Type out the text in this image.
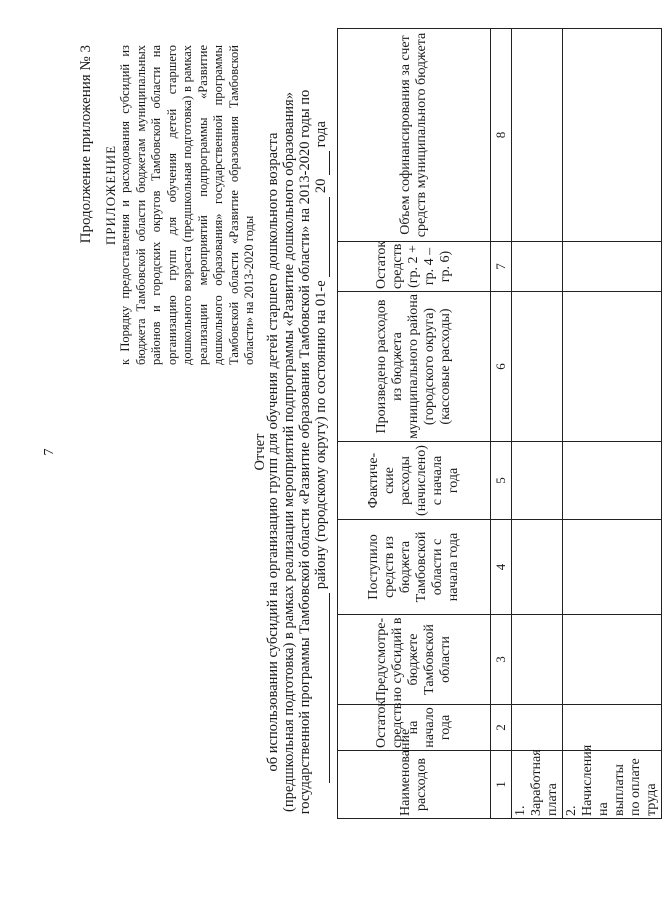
7
Продолжение приложения № 3 ПРИЛОЖЕНИЕ к Порядку предоставления и расходования субсидий из бюджета Тамбовской области бюджетам муниципальных районов и городских округов Тамбовской области на организацию групп для обучения детей старшего дошкольного возраста (предшкольная подготовка) в рамках реализации мероприятий подпрограммы «Развитие дошкольного образования» государственной программы Тамбовской области «Развитие образования Тамбовской области» на 2013-2020 годы
Отчет
об использовании субсидий на организацию групп для обучения детей старшего дошкольного возраста (предшкольная подготовка) в рамках реализации мероприятий подпрограммы «Развитие дошкольного образования» государственной программы Тамбовской области «Развитие образования Тамбовской области» на 2013-2020 годы по району (городскому округу) по состоянию на 01-е   20   года
Наименование расходов	Остаток средств на начало года	Предусмотре-но субсидий в бюджете Тамбовской области	Поступило средств из бюджета Тамбовской области с начала года	Фактиче-ские расходы (начислено) с начала года	Произведено расходов из бюджета муниципального района (городского округа) (кассовые расходы)	Остаток средств (гр. 2 + гр. 4 – гр. 6)	Объем софинансирования за счет средств муниципального бюджета
1	2	3	4	5	6	7	8
1. Заработная плата							
2. Начисления на выплаты по оплате труда							
